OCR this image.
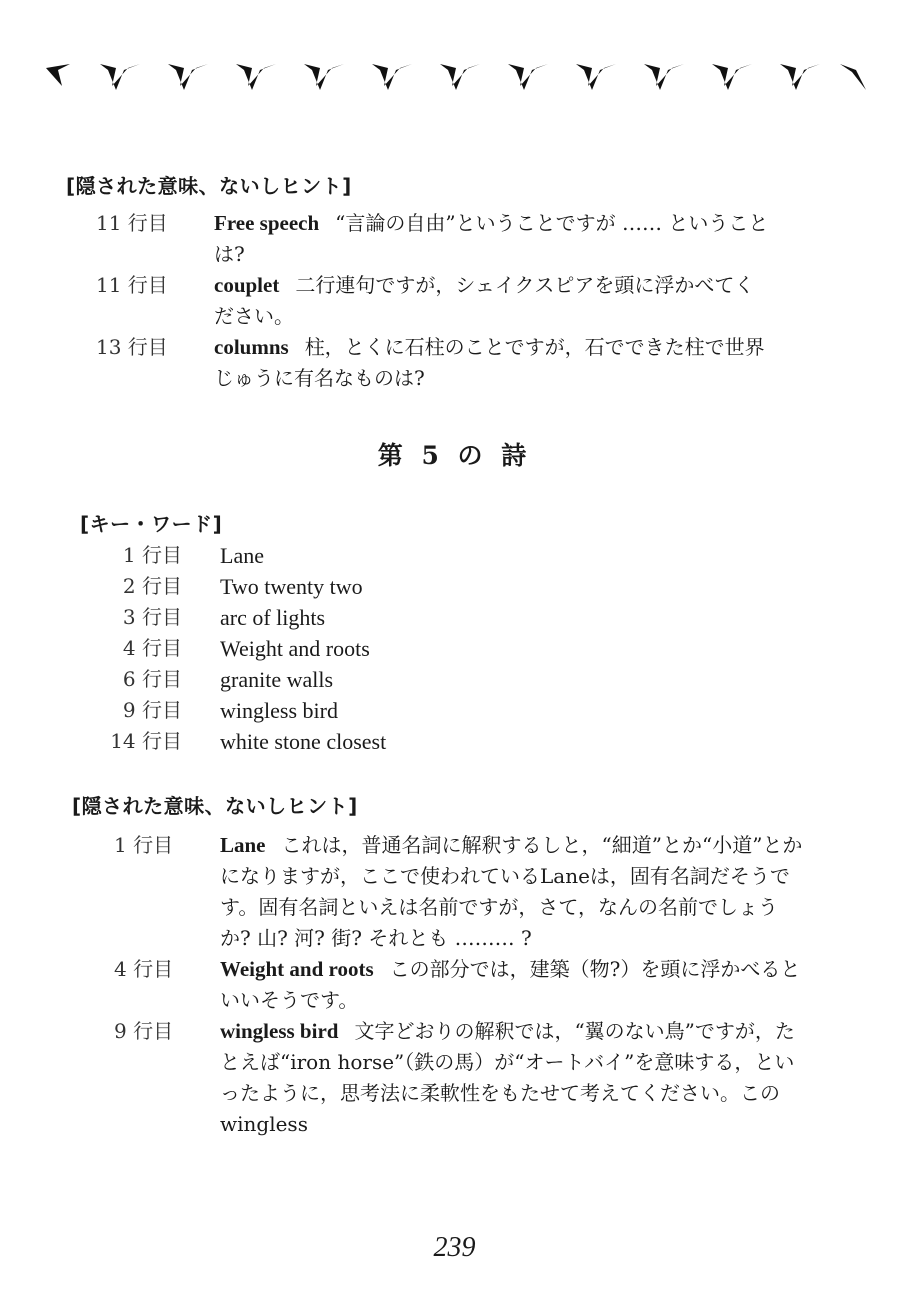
[隠された意味、ないしヒント]
11 行目 Free speech “言論の自由”ということですが …… ということは?
11 行目 couplet 二行連句ですが，シェイクスピアを頭に浮かべてください。
13 行目 columns 柱，とくに石柱のことですが，石でできた柱で世界じゅうに有名なものは?
第 5 の 詩
[キー・ワード]
1 行目 Lane
2 行目 Two twenty two
3 行目 arc of lights
4 行目 Weight and roots
6 行目 granite walls
9 行目 wingless bird
14 行目 white stone closest
[隠された意味、ないしヒント]
1 行目 Lane これは，普通名詞に解釈するしと，“細道”とか“小道”とかになりますが，ここで使われているLaneは，固有名詞だそうです。固有名詞といえは名前ですが，さて，なんの名前でしょうか? 山? 河? 街? それとも ……… ?
4 行目 Weight and roots この部分では，建築（物?）を頭に浮かべるといいそうです。
9 行目 wingless bird 文字どおりの解釈では，“翼のない鳥”ですが，たとえば“iron horse”（鉄の馬）が“オートバイ”を意味する，といったように，思考法に柔軟性をもたせて考えてください。この wingless
239
